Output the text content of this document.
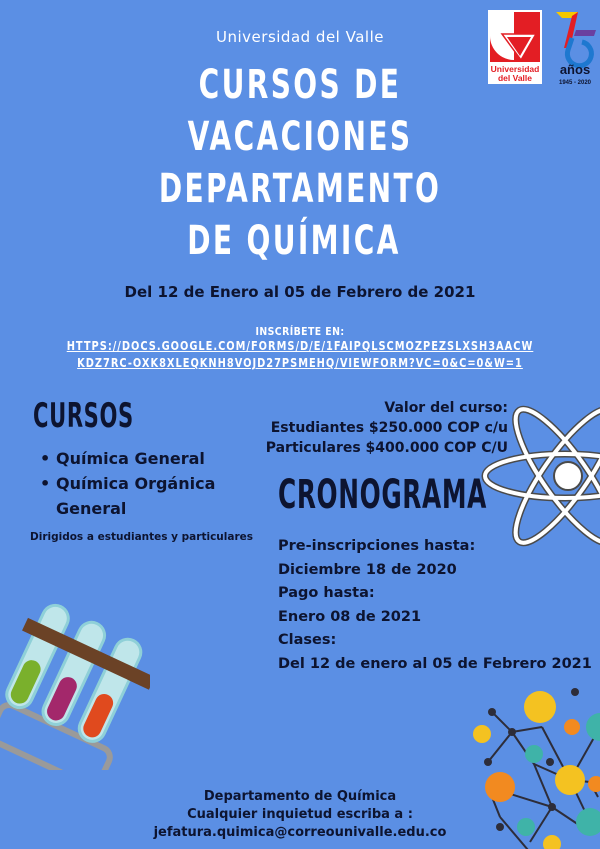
Universidad
del Valle
años
1945 - 2020
Universidad del Valle
CURSOS DE
VACACIONES
DEPARTAMENTO
DE QUÍMICA
Del 12 de Enero al 05 de Febrero de 2021
INSCRÍBETE EN:
HTTPS://DOCS.GOOGLE.COM/FORMS/D/E/1FAIPQLSCMOZPEZSLXSH3AACW
KDZ7RC-OXK8XLEQKNH8VOJD27PSMEHQ/VIEWFORM?VC=0&C=0&W=1
CURSOS
• Química General
• Química Orgánica
General
Dirigidos a estudiantes y particulares
Valor del curso:
Estudiantes $250.000 COP c/u
Particulares $400.000 COP C/U
CRONOGRAMA
Pre-inscripciones hasta:
Diciembre 18 de 2020
Pago hasta:
Enero 08 de 2021
Clases:
Del 12 de enero al 05 de Febrero 2021
Departamento de Química
Cualquier inquietud escriba a :
jefatura.quimica@correounivalle.edu.co
